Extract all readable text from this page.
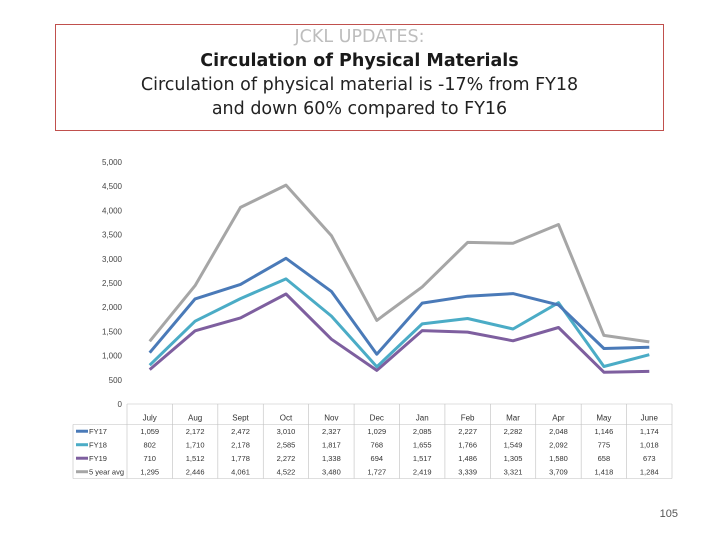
JCKL UPDATES:
Circulation of Physical Materials
Circulation of physical material is -17% from FY18
and down 60% compared to FY16
5,000
4,500
4,000
3,500
3,000
2,500
2,000
1,500
1,000
500
0
July	Aug	Sept	Oct	Nov	Dec	Jan	Feb	Mar	Apr	May	June
FY17	1,059	2,172	2,472	3,010	2,327	1,029	2,085	2,227	2,282	2,048	1,146	1,174
FY18	802	1,710	2,178	2,585	1,817	768	1,655	1,766	1,549	2,092	775	1,018
FY19	710	1,512	1,778	2,272	1,338	694	1,517	1,486	1,305	1,580	658	673
5 year avg 1,295	2,446	4,061	4,522	3,480	1,727	2,419	3,339	3,321	3,709	1,418	1,284
105
